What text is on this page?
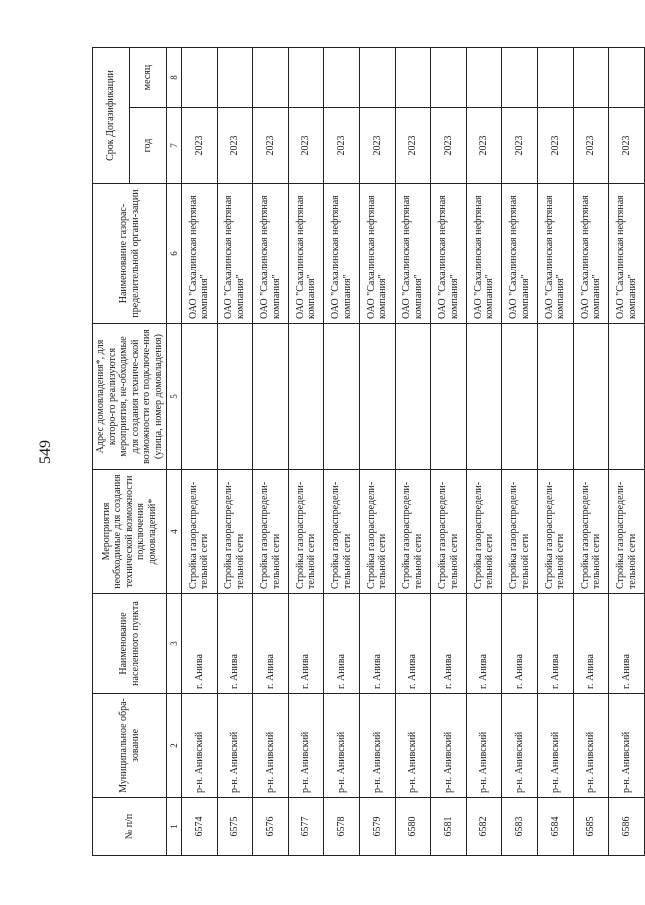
549
№ п/п	Муниципальное обра-зование	Наименование населенного пункта	Мероприятия необходимые для создания технической возможности подключения домовладений*	Адрес домовладения*, для которо-го реализуются мероприятия, не-обходимые для создания техниче-ской возможности его подключе-ния (улица, номер домовладения)	Наименование газорас-пределительной органи-зации	Срок Догазификации	
						год	месяц
1	2	3	4	5	6	7	8
6574	р-н. Анивский	г. Анива	Стройка газораспредели-тельной сети		ОАО "Сахалинская нефтяная компания"	2023	
6575	р-н. Анивский	г. Анива	Стройка газораспредели-тельной сети		ОАО "Сахалинская нефтяная компания"	2023	
6576	р-н. Анивский	г. Анива	Стройка газораспредели-тельной сети		ОАО "Сахалинская нефтяная компания"	2023	
6577	р-н. Анивский	г. Анива	Стройка газораспредели-тельной сети		ОАО "Сахалинская нефтяная компания"	2023	
6578	р-н. Анивский	г. Анива	Стройка газораспредели-тельной сети		ОАО "Сахалинская нефтяная компания"	2023	
6579	р-н. Анивский	г. Анива	Стройка газораспредели-тельной сети		ОАО "Сахалинская нефтяная компания"	2023	
6580	р-н. Анивский	г. Анива	Стройка газораспредели-тельной сети		ОАО "Сахалинская нефтяная компания"	2023	
6581	р-н. Анивский	г. Анива	Стройка газораспредели-тельной сети		ОАО "Сахалинская нефтяная компания"	2023	
6582	р-н. Анивский	г. Анива	Стройка газораспредели-тельной сети		ОАО "Сахалинская нефтяная компания"	2023	
6583	р-н. Анивский	г. Анива	Стройка газораспредели-тельной сети		ОАО "Сахалинская нефтяная компания"	2023	
6584	р-н. Анивский	г. Анива	Стройка газораспредели-тельной сети		ОАО "Сахалинская нефтяная компания"	2023	
6585	р-н. Анивский	г. Анива	Стройка газораспредели-тельной сети		ОАО "Сахалинская нефтяная компания"	2023	
6586	р-н. Анивский	г. Анива	Стройка газораспредели-тельной сети		ОАО "Сахалинская нефтяная компания"	2023	
